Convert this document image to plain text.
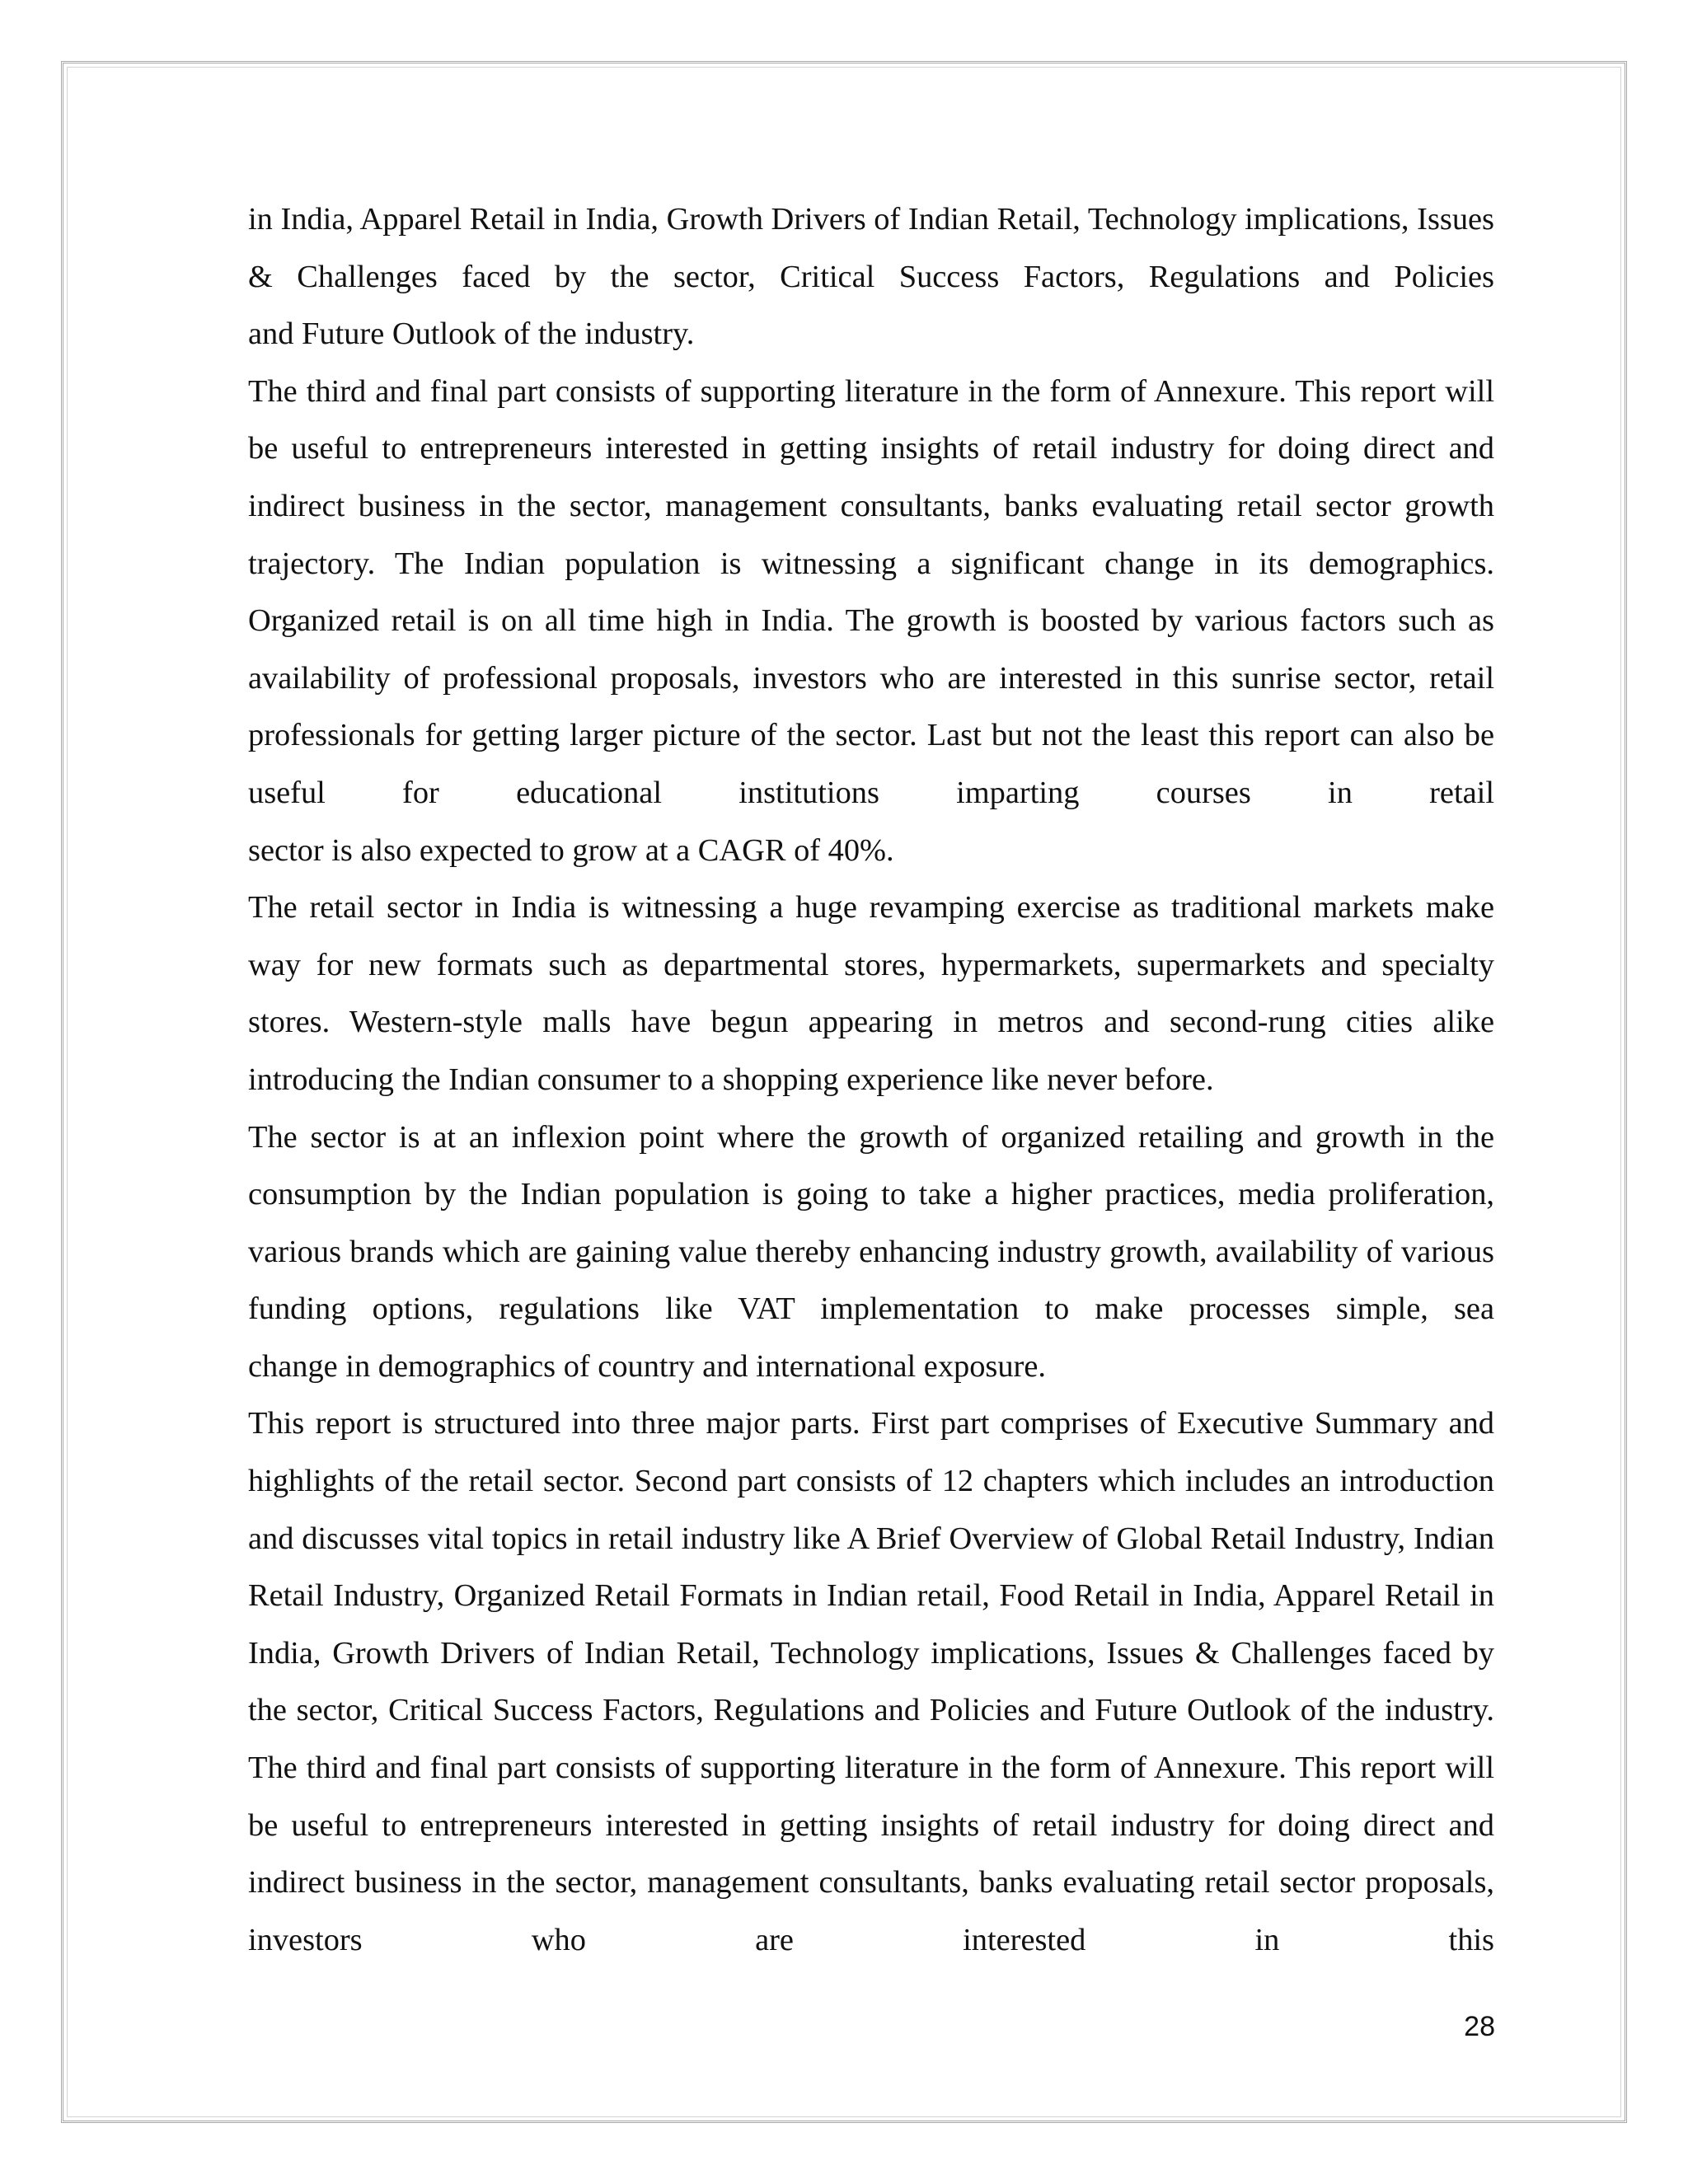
in India, Apparel Retail in India, Growth Drivers of Indian Retail, Technology implications, Issues & Challenges faced by the sector, Critical Success Factors, Regulations and Policies

and Future Outlook of the industry.

The third and final part consists of supporting literature in the form of Annexure. This report will be useful to entrepreneurs interested in getting insights of retail industry for doing direct and indirect business in the sector, management consultants, banks evaluating retail sector growth trajectory. The Indian population is witnessing a significant change in its demographics. Organized retail is on all time high in India. The growth is boosted by various factors such as availability of professional proposals, investors who are interested in this sunrise sector, retail professionals for getting larger picture of the sector. Last but not the least this report can also be useful for educational institutions imparting courses in retail

sector is also expected to grow at a CAGR of 40%.

The retail sector in India is witnessing a huge revamping exercise as traditional markets make way for new formats such as departmental stores, hypermarkets, supermarkets and specialty stores. Western-style malls have begun appearing in metros and second-rung cities alike

introducing the Indian consumer to a shopping experience like never before.

The sector is at an inflexion point where the growth of organized retailing and growth in the consumption by the Indian population is going to take a higher practices, media proliferation, various brands which are gaining value thereby enhancing industry growth, availability of various funding options, regulations like VAT implementation to make processes simple, sea

change in demographics of country and international exposure.

This report is structured into three major parts. First part comprises of Executive Summary and highlights of the retail sector. Second part consists of 12 chapters which includes an introduction and discusses vital topics in retail industry like A Brief Overview of Global Retail Industry, Indian Retail Industry, Organized Retail Formats in Indian retail, Food Retail in India, Apparel Retail in India, Growth Drivers of Indian Retail, Technology implications, Issues & Challenges faced by the sector, Critical Success Factors, Regulations and Policies and Future Outlook of the industry. The third and final part consists of supporting literature in the form of Annexure. This report will be useful to entrepreneurs interested in getting insights of retail industry for doing direct and indirect business in the sector, management consultants, banks evaluating retail sector proposals, investors who are interested in this

28
